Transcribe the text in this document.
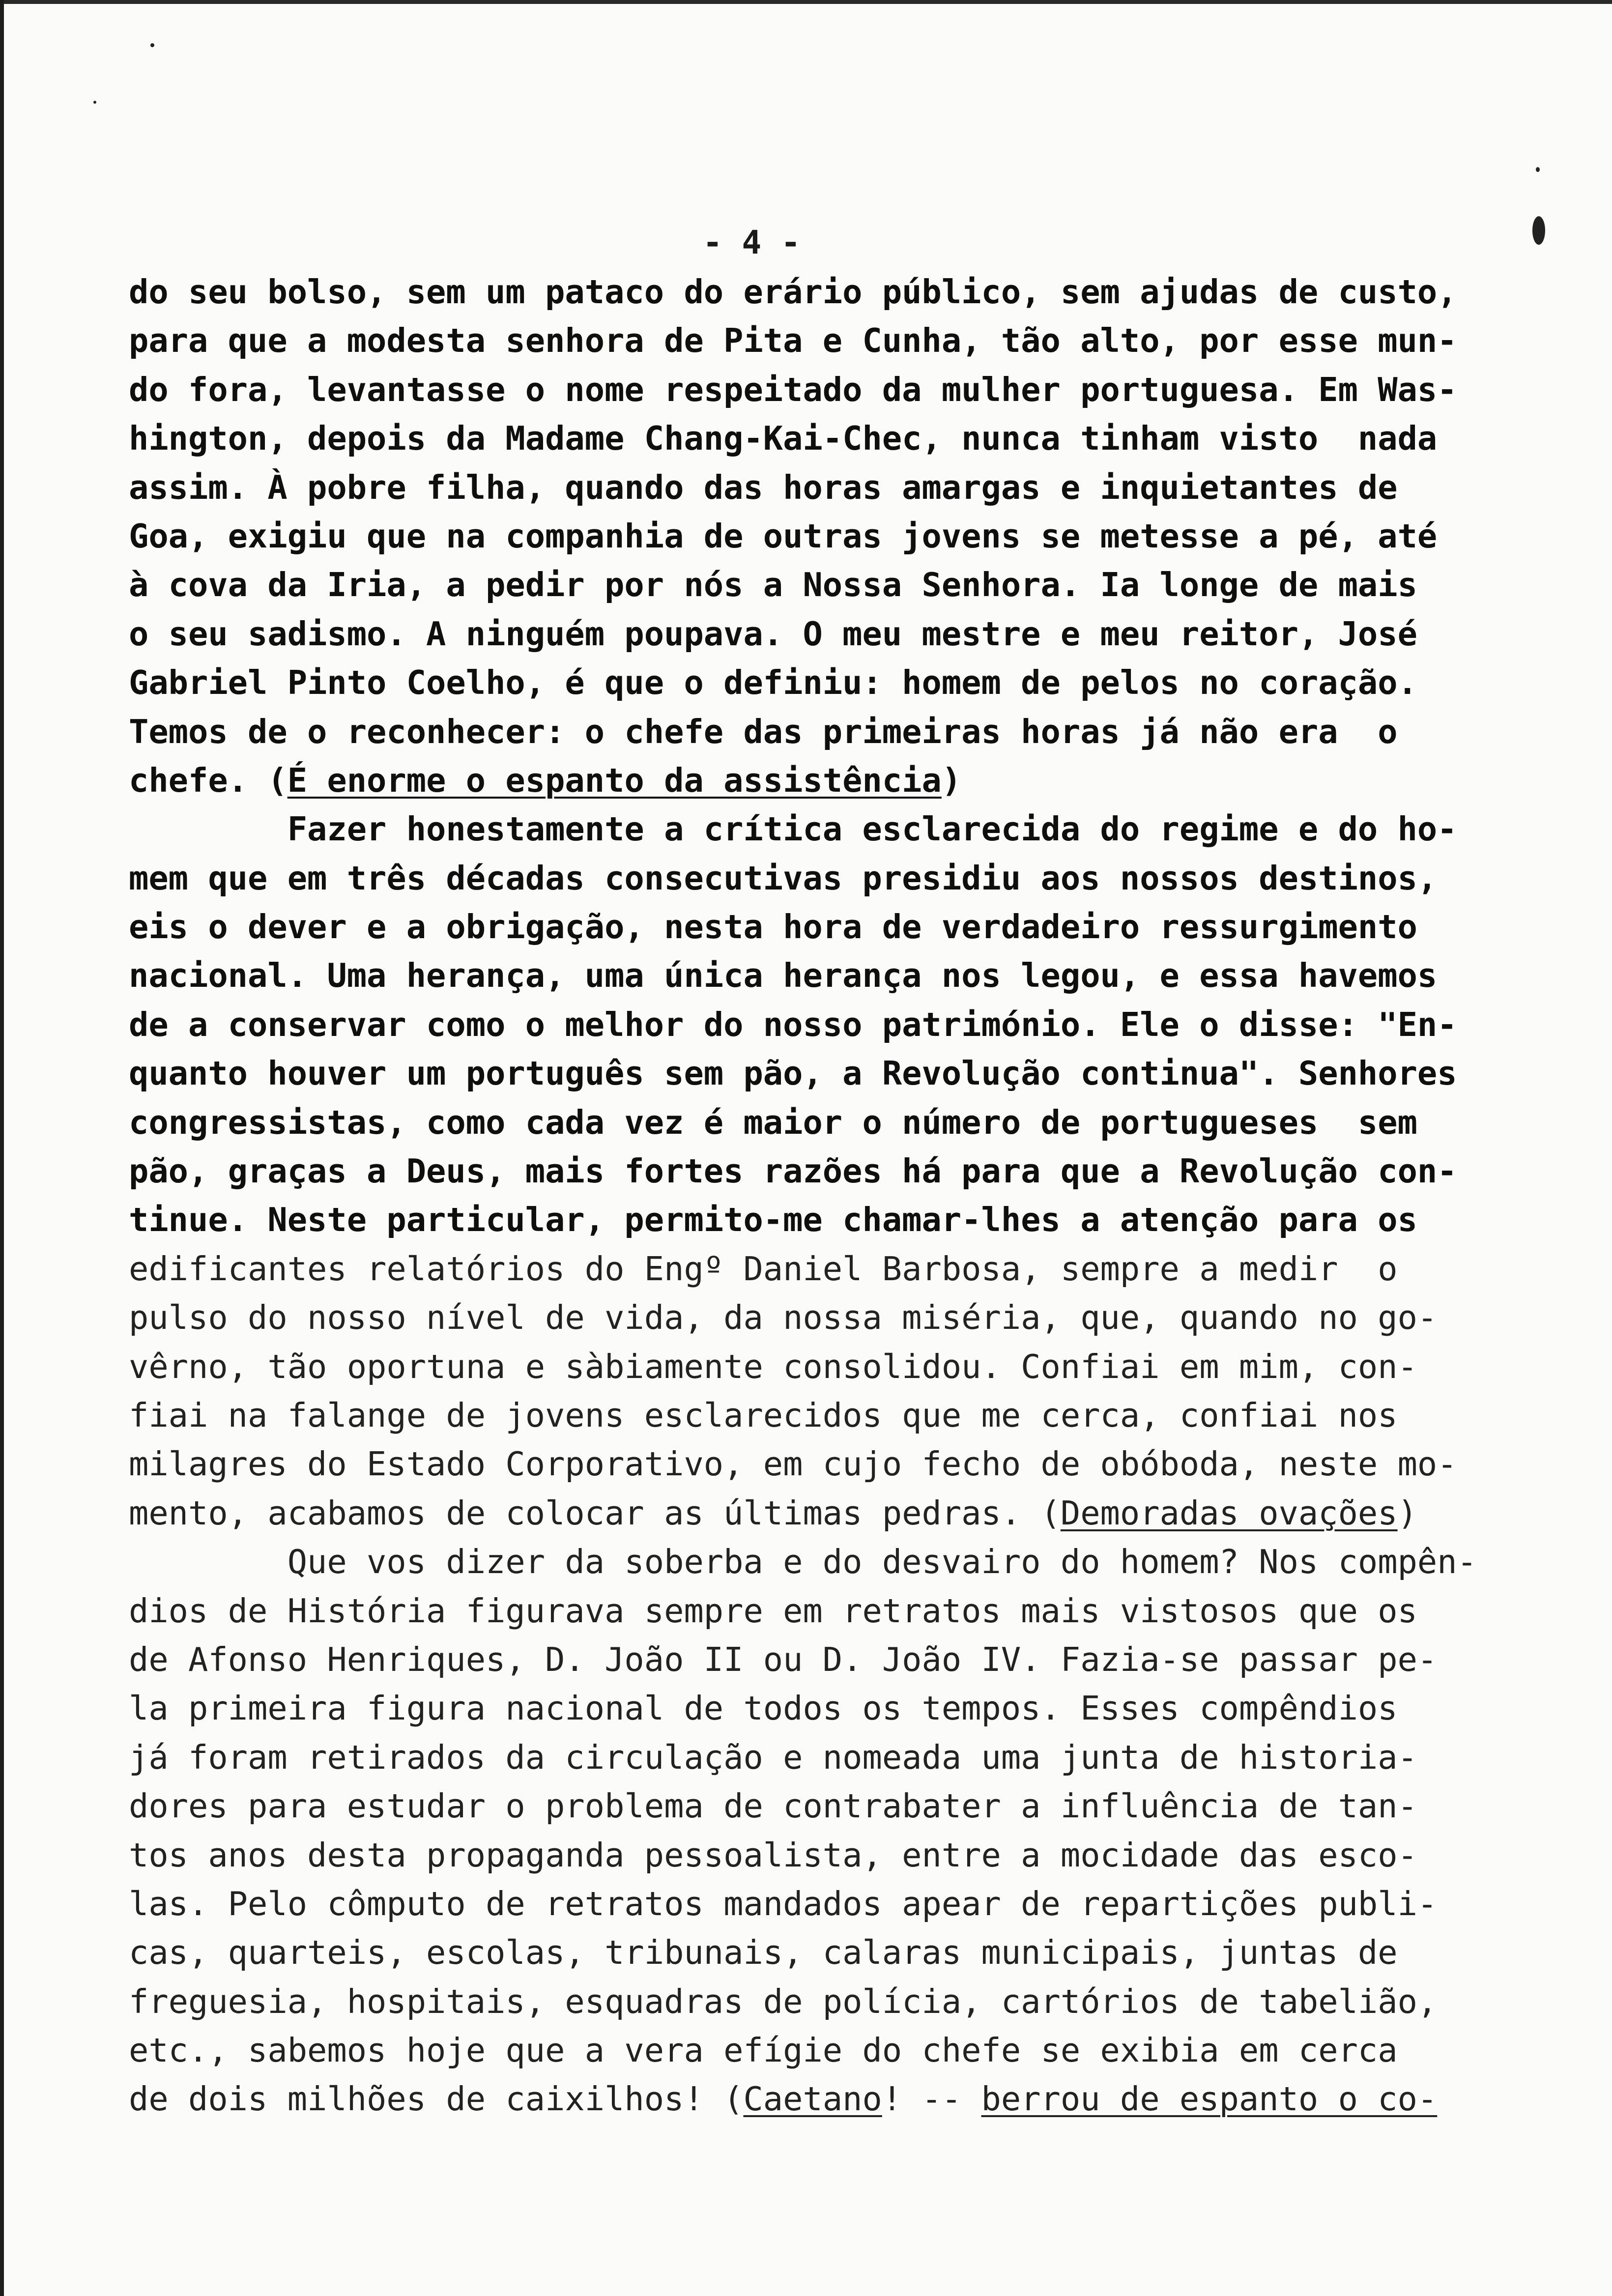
- 4 -
do seu bolso, sem um pataco do erário público, sem ajudas de custo,
para que a modesta senhora de Pita e Cunha, tão alto, por esse mun-
do fora, levantasse o nome respeitado da mulher portuguesa. Em Was-
hington, depois da Madame Chang-Kai-Chec, nunca tinham visto  nada
assim. À pobre filha, quando das horas amargas e inquietantes de
Goa, exigiu que na companhia de outras jovens se metesse a pé, até
à cova da Iria, a pedir por nós a Nossa Senhora. Ia longe de mais
o seu sadismo. A ninguém poupava. O meu mestre e meu reitor, José
Gabriel Pinto Coelho, é que o definiu: homem de pelos no coração.
Temos de o reconhecer: o chefe das primeiras horas já não era  o
chefe. (É enorme o espanto da assistência)
Fazer honestamente a crítica esclarecida do regime e do ho-
mem que em três décadas consecutivas presidiu aos nossos destinos,
eis o dever e a obrigação, nesta hora de verdadeiro ressurgimento
nacional. Uma herança, uma única herança nos legou, e essa havemos
de a conservar como o melhor do nosso património. Ele o disse: "En-
quanto houver um português sem pão, a Revolução continua". Senhores
congressistas, como cada vez é maior o número de portugueses  sem
pão, graças a Deus, mais fortes razões há para que a Revolução con-
tinue. Neste particular, permito-me chamar-lhes a atenção para os
edificantes relatórios do Engº Daniel Barbosa, sempre a medir  o
pulso do nosso nível de vida, da nossa miséria, que, quando no go-
vêrno, tão oportuna e sàbiamente consolidou. Confiai em mim, con-
fiai na falange de jovens esclarecidos que me cerca, confiai nos
milagres do Estado Corporativo, em cujo fecho de obóboda, neste mo-
mento, acabamos de colocar as últimas pedras. (Demoradas ovações)
Que vos dizer da soberba e do desvairo do homem? Nos compên-
dios de História figurava sempre em retratos mais vistosos que os
de Afonso Henriques, D. João II ou D. João IV. Fazia-se passar pe-
la primeira figura nacional de todos os tempos. Esses compêndios
já foram retirados da circulação e nomeada uma junta de historia-
dores para estudar o problema de contrabater a influência de tan-
tos anos desta propaganda pessoalista, entre a mocidade das esco-
las. Pelo cômputo de retratos mandados apear de repartições publi-
cas, quarteis, escolas, tribunais, calaras municipais, juntas de
freguesia, hospitais, esquadras de polícia, cartórios de tabelião,
etc., sabemos hoje que a vera efígie do chefe se exibia em cerca
de dois milhões de caixilhos! (Caetano! -- berrou de espanto o co-
